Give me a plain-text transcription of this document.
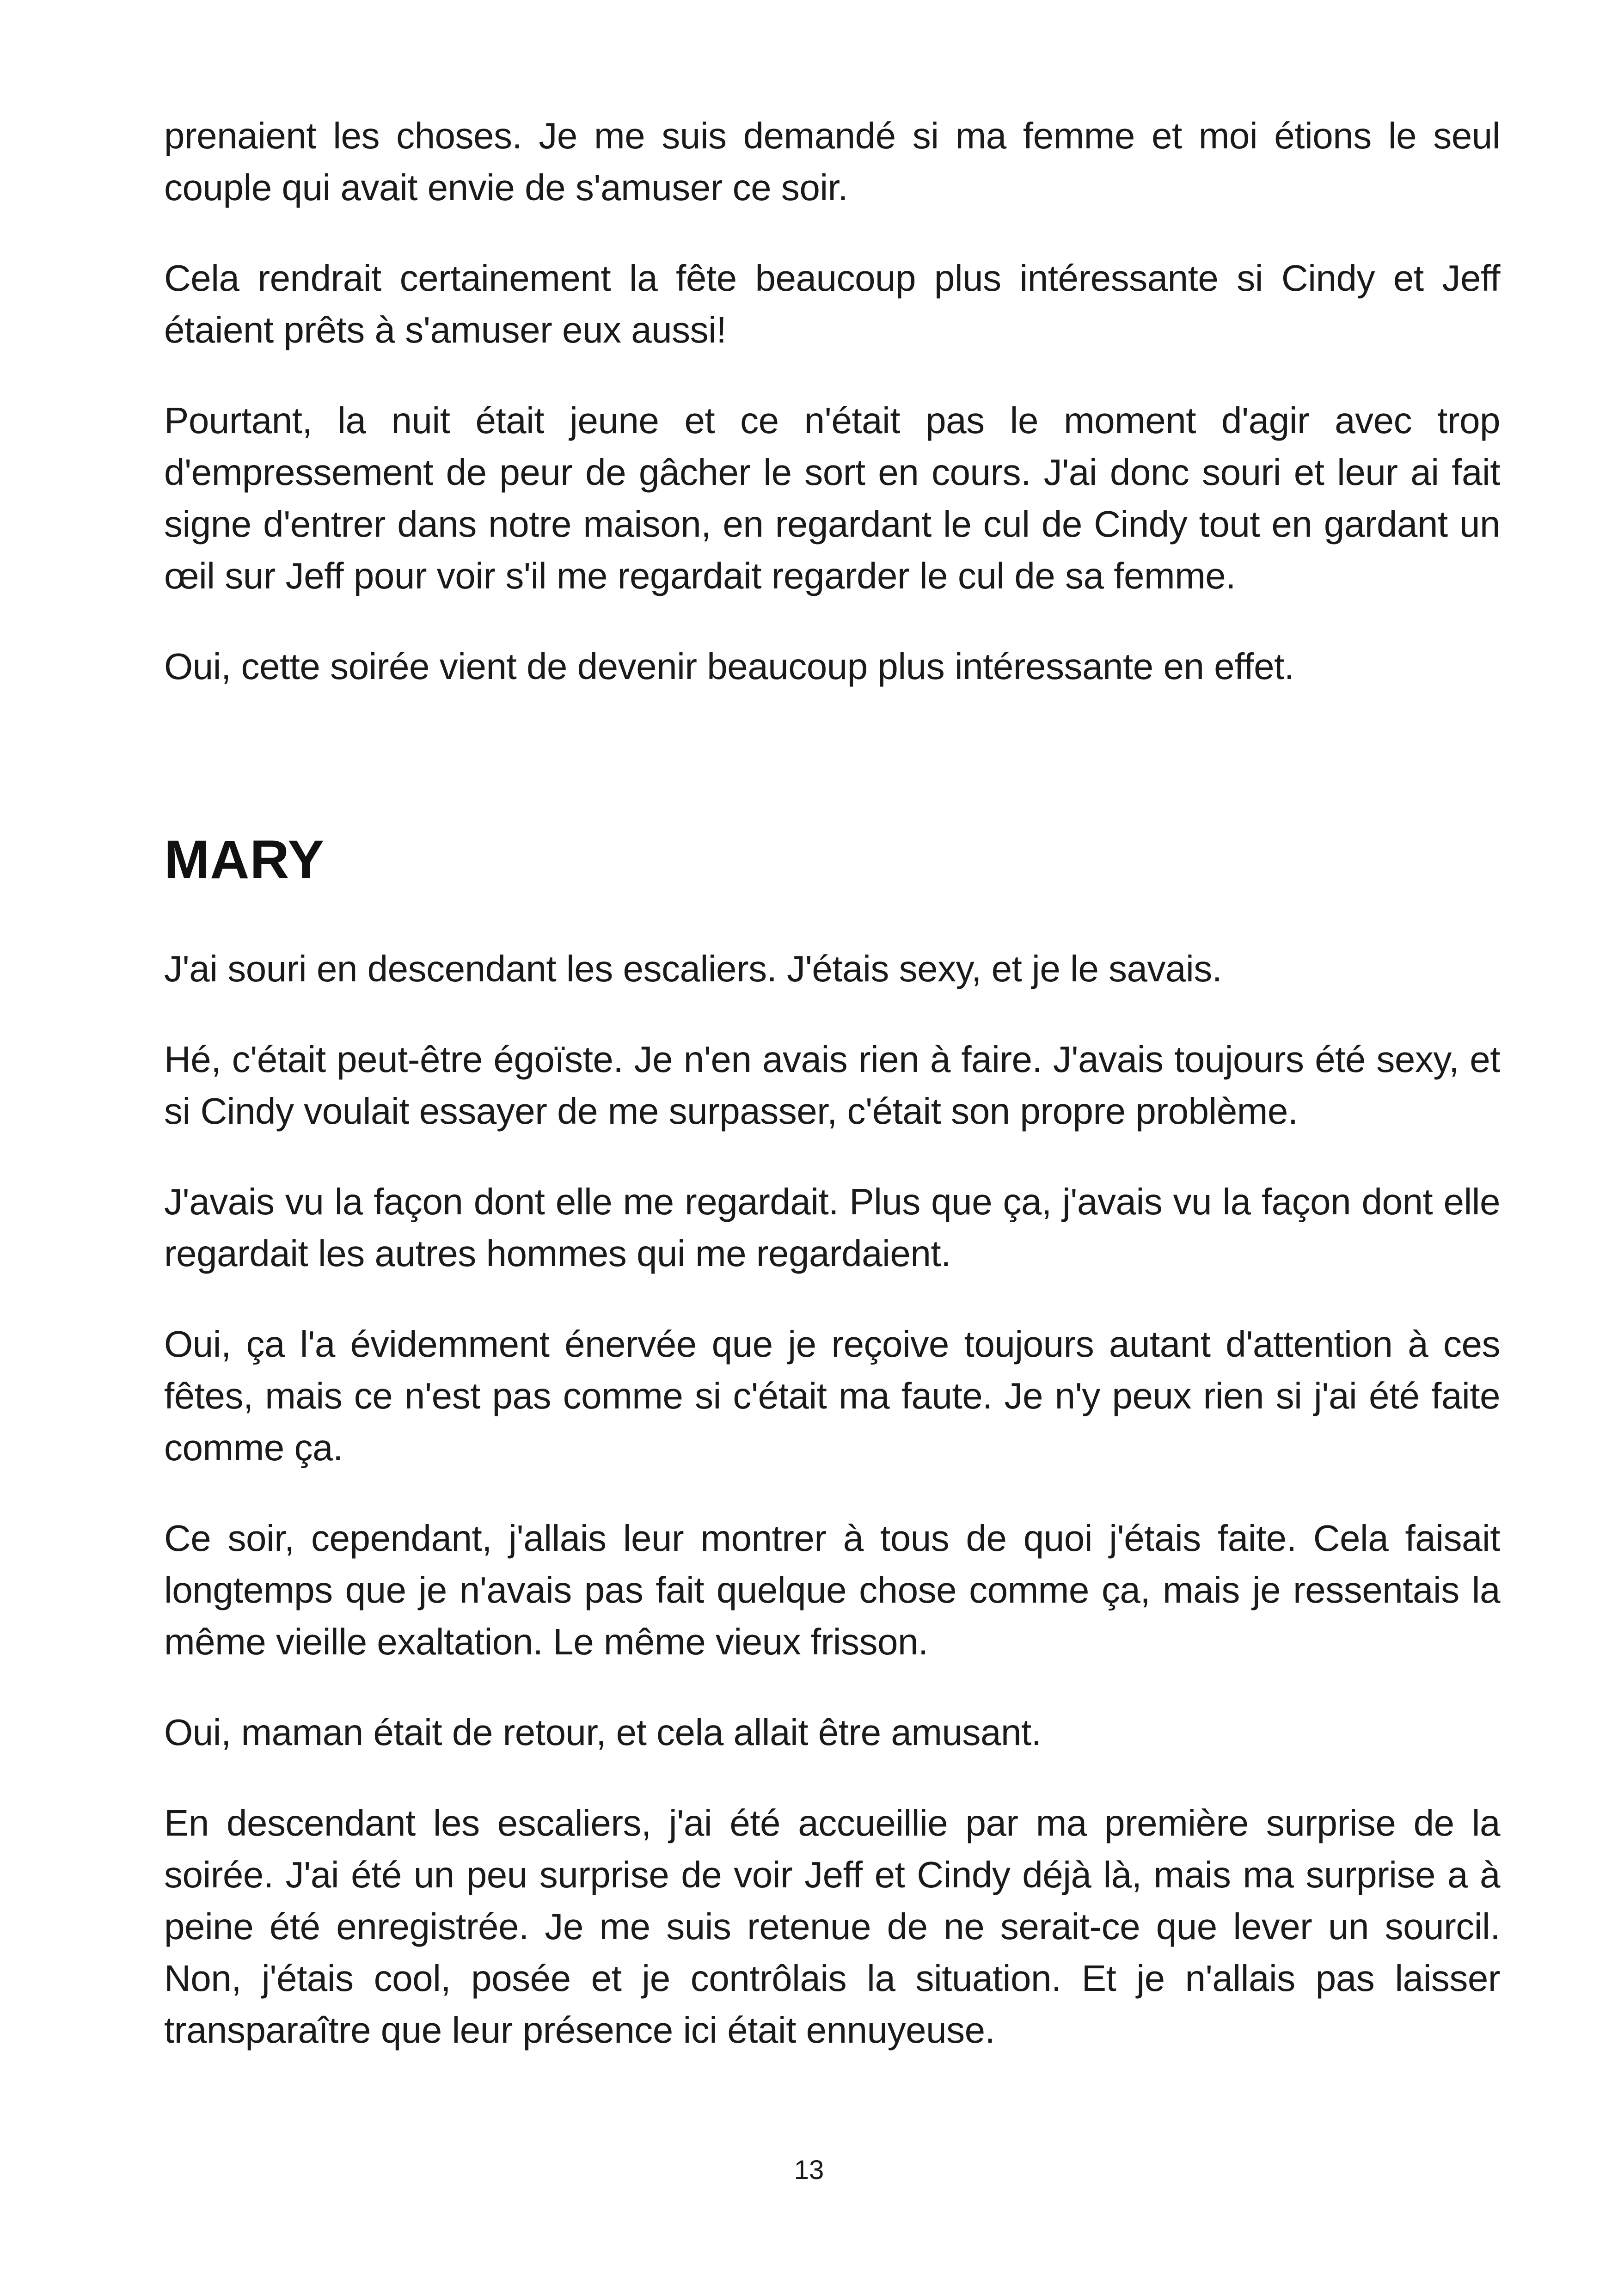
prenaient les choses. Je me suis demandé si ma femme et moi étions le seul couple qui avait envie de s'amuser ce soir.

Cela rendrait certainement la fête beaucoup plus intéressante si Cindy et Jeff étaient prêts à s'amuser eux aussi!

Pourtant, la nuit était jeune et ce n'était pas le moment d'agir avec trop d'empressement de peur de gâcher le sort en cours. J'ai donc souri et leur ai fait signe d'entrer dans notre maison, en regardant le cul de Cindy tout en gardant un œil sur Jeff pour voir s'il me regardait regarder le cul de sa femme.

Oui, cette soirée vient de devenir beaucoup plus intéressante en effet.

MARY

J'ai souri en descendant les escaliers. J'étais sexy, et je le savais.

Hé, c'était peut-être égoïste. Je n'en avais rien à faire. J'avais toujours été sexy, et si Cindy voulait essayer de me surpasser, c'était son propre problème.

J'avais vu la façon dont elle me regardait. Plus que ça, j'avais vu la façon dont elle regardait les autres hommes qui me regardaient.

Oui, ça l'a évidemment énervée que je reçoive toujours autant d'attention à ces fêtes, mais ce n'est pas comme si c'était ma faute. Je n'y peux rien si j'ai été faite comme ça.

Ce soir, cependant, j'allais leur montrer à tous de quoi j'étais faite. Cela faisait longtemps que je n'avais pas fait quelque chose comme ça, mais je ressentais la même vieille exaltation. Le même vieux frisson.

Oui, maman était de retour, et cela allait être amusant.

En descendant les escaliers, j'ai été accueillie par ma première surprise de la soirée. J'ai été un peu surprise de voir Jeff et Cindy déjà là, mais ma surprise a à peine été enregistrée. Je me suis retenue de ne serait-ce que lever un sourcil. Non, j'étais cool, posée et je contrôlais la situation. Et je n'allais pas laisser transparaître que leur présence ici était ennuyeuse.

13
